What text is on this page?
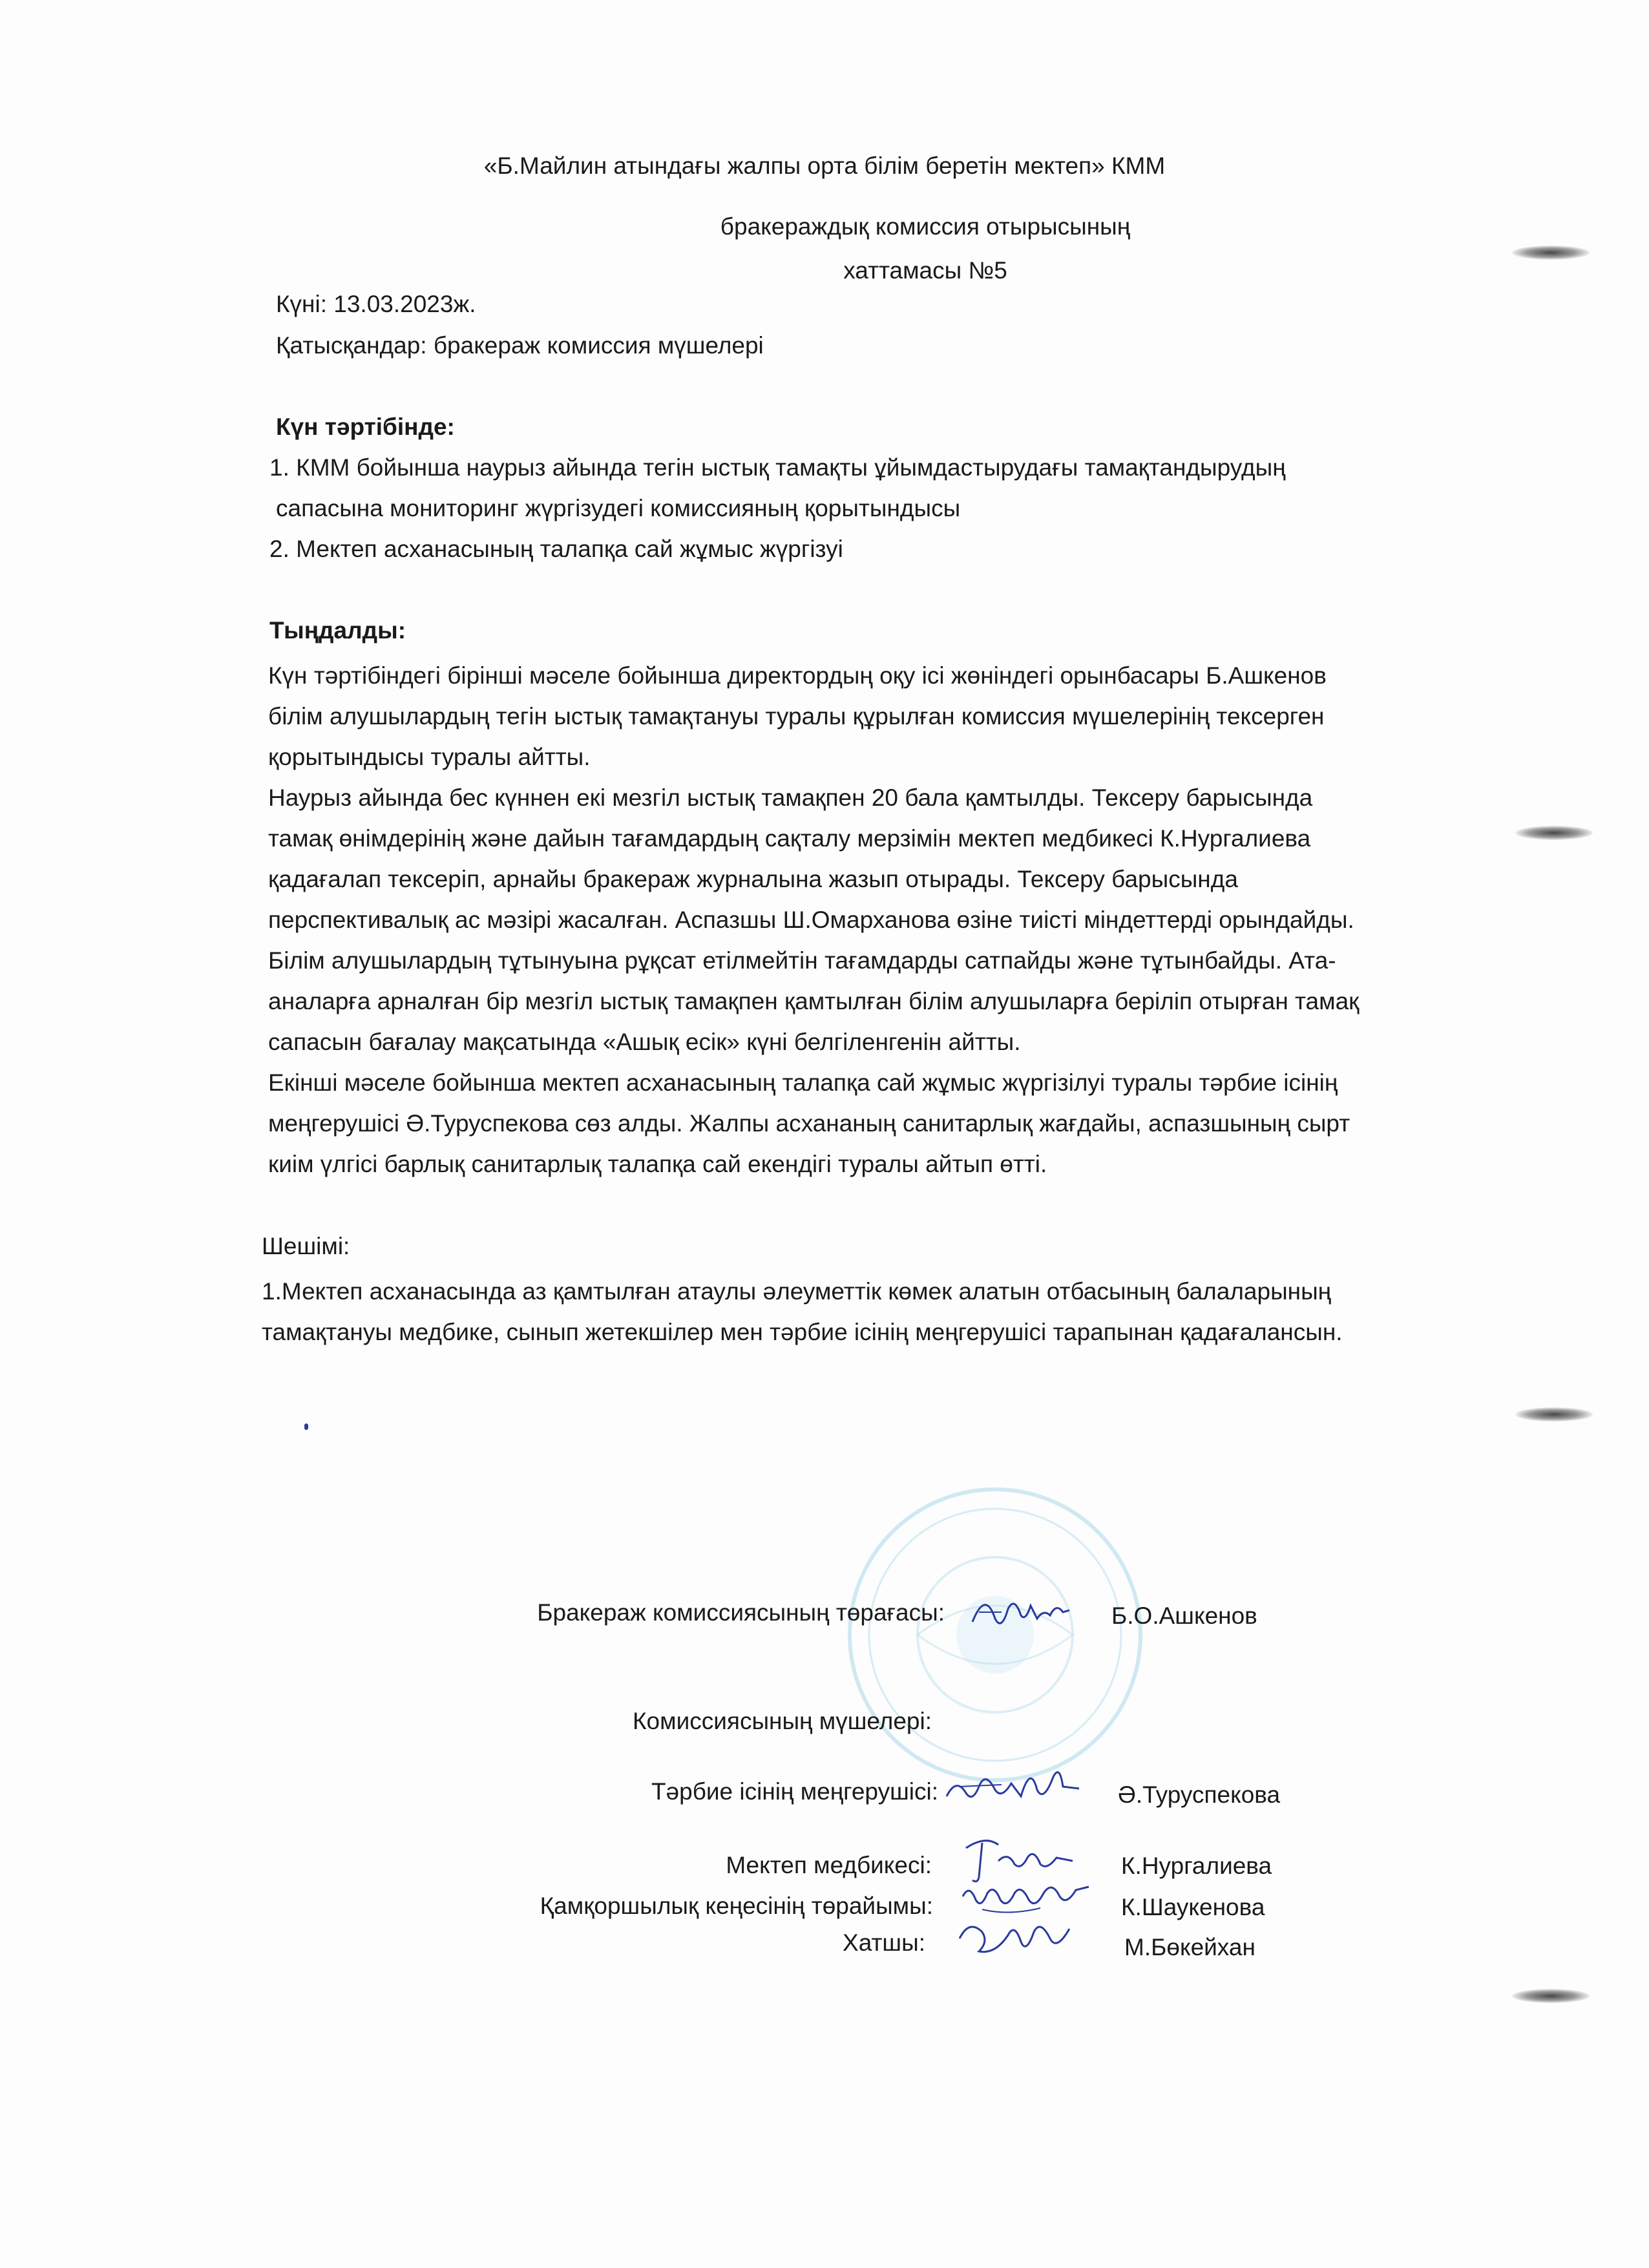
«Б.Майлин атындағы жалпы орта білім беретін мектеп» КММ
бракераждық комиссия отырысының
хаттамасы №5
Күні: 13.03.2023ж.
Қатысқандар: бракераж комиссия мүшелері
Күн тәртібінде:
1. КММ бойынша наурыз айында тегін ыстық тамақты ұйымдастырудағы тамақтандырудың
сапасына мониторинг жүргізудегі комиссияның қорытындысы
2. Мектеп асханасының талапқа сай жұмыс жүргізуі
Тыңдалды:
Күн тәртібіндегі бірінші мәселе бойынша директордың оқу ісі жөніндегі орынбасары Б.Ашкенов
білім алушылардың тегін ыстық тамақтануы туралы құрылған комиссия мүшелерінің тексерген
қорытындысы туралы айтты.
Наурыз айында бес күннен екі мезгіл ыстық тамақпен 20 бала қамтылды. Тексеру барысында
тамақ өнімдерінің және дайын тағамдардың сақталу мерзімін мектеп медбикесі К.Нургалиева
қадағалап тексеріп, арнайы бракераж журналына жазып отырады. Тексеру барысында
перспективалық ас мәзірі жасалған. Аспазшы Ш.Омарханова өзіне тиісті міндеттерді орындайды.
Білім алушылардың тұтынуына рұқсат етілмейтін тағамдарды сатпайды және тұтынбайды. Ата-
аналарға арналған бір мезгіл ыстық тамақпен қамтылған білім алушыларға беріліп отырған тамақ
сапасын бағалау мақсатында «Ашық есік» күні белгіленгенін айтты.
Екінші мәселе бойынша мектеп асханасының талапқа сай жұмыс жүргізілуі туралы тәрбие ісінің
меңгерушісі Ә.Туруспекова сөз алды. Жалпы асхананың санитарлық жағдайы, аспазшының сырт
киім үлгісі барлық санитарлық талапқа сай екендігі туралы айтып өтті.
Шешімі:
1.Мектеп асханасында аз қамтылған атаулы әлеуметтік көмек алатын отбасының балаларының
тамақтануы медбике, сынып жетекшілер мен тәрбие ісінің меңгерушісі тарапынан қадағалансын.
Бракераж комиссиясының төрағасы:	Б.О.Ашкенов
Комиссиясының мүшелері:
Тәрбие ісінің меңгерушісі:	Ә.Туруспекова
Мектеп медбикесі:	К.Нургалиева
Қамқоршылық кеңесінің төрайымы:	К.Шаукенова
Хатшы:	М.Бөкейхан
